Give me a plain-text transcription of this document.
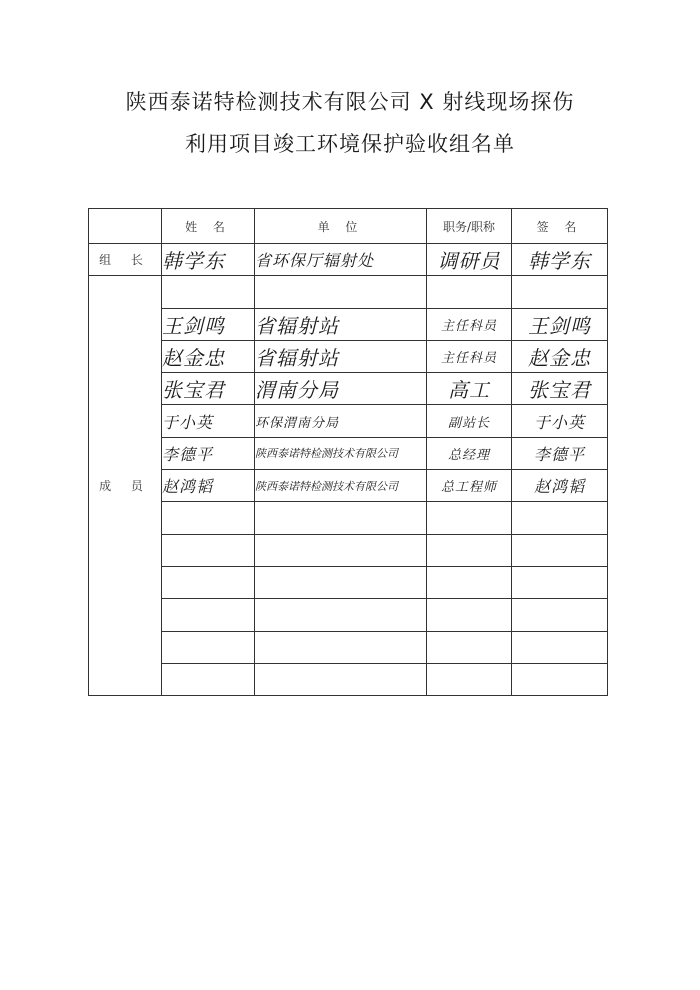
陕西泰诺特检测技术有限公司 X 射线现场探伤
利用项目竣工环境保护验收组名单
	姓 名	单 位	职务/职称	签 名
组 长	韩学东	省环保厅辐射处	调研员	韩学东
成 员				
	王剑鸣	省辐射站	主任科员	王剑鸣
	赵金忠	省辐射站	主任科员	赵金忠
	张宝君	渭南分局	高工	张宝君
	于小英	环保渭南分局	副站长	于小英
	李德平	陕西泰诺特检测技术有限公司	总经理	李德平
	赵鸿韬	陕西泰诺特检测技术有限公司	总工程师	赵鸿韬
